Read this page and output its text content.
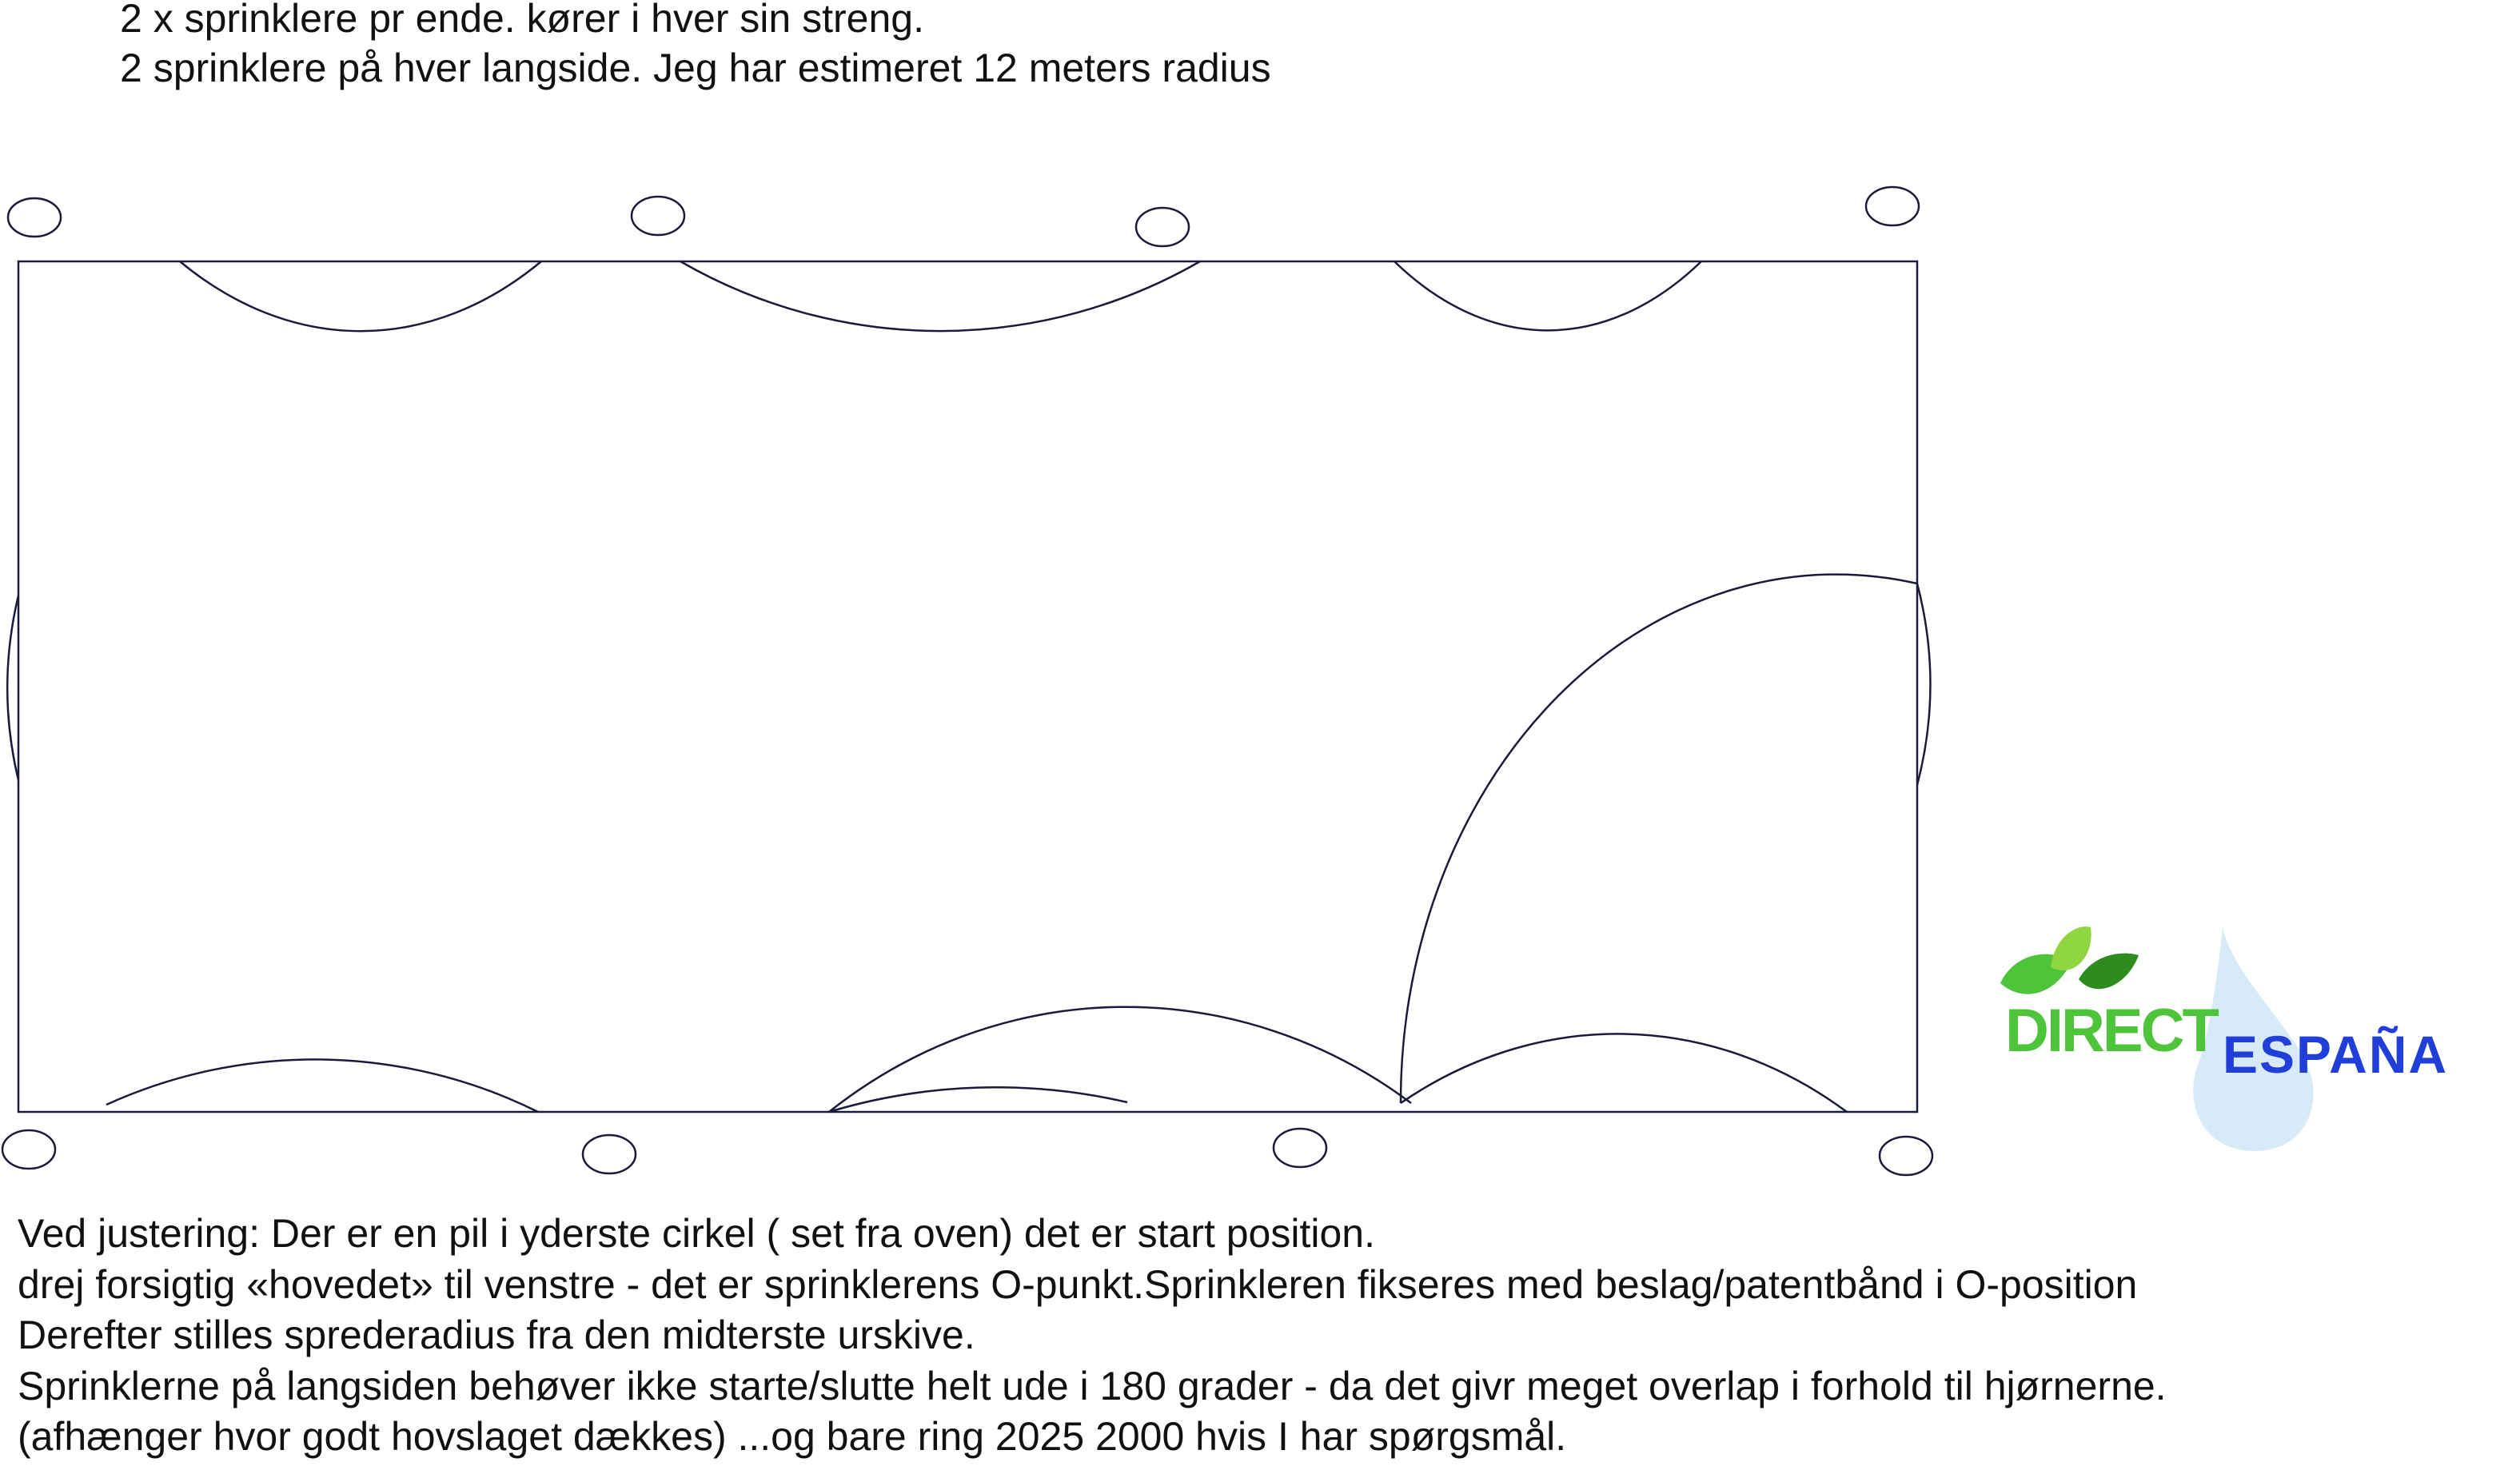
2 x sprinklere pr ende. kører i hver sin streng.
2 sprinklere på hver langside. Jeg har estimeret 12 meters radius
DIRECT ESPAÑA
Ved justering: Der er en pil i yderste cirkel ( set fra oven) det er start position.
drej forsigtig «hovedet» til venstre - det er sprinklerens O-punkt.Sprinkleren fikseres med beslag/patentbånd i O-position
Derefter stilles sprederadius fra den midterste urskive.
Sprinklerne på langsiden behøver ikke starte/slutte helt ude i 180 grader - da det givr meget overlap i forhold til hjørnerne.
(afhænger hvor godt hovslaget dækkes) ...og bare ring 2025 2000 hvis I har spørgsmål.
